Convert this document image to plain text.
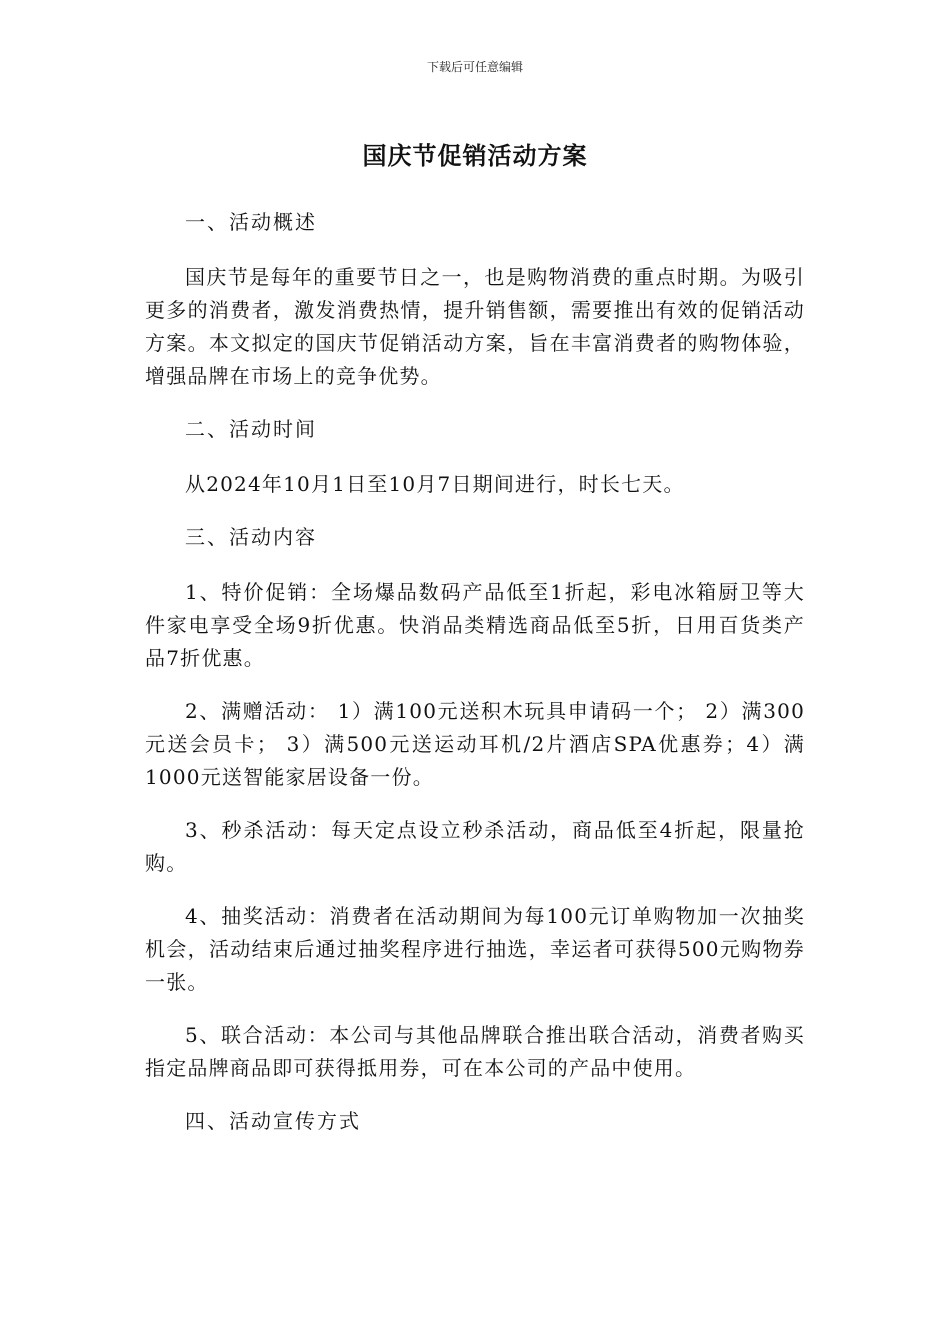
下载后可任意编辑
国庆节促销活动方案

一、活动概述

国庆节是每年的重要节日之一，也是购物消费的重点时期。为吸引更多的消费者，激发消费热情，提升销售额，需要推出有效的促销活动方案。本文拟定的国庆节促销活动方案，旨在丰富消费者的购物体验，增强品牌在市场上的竞争优势。

二、活动时间

从2024年10月1日至10月7日期间进行，时长七天。

三、活动内容

1、特价促销：全场爆品数码产品低至1折起，彩电冰箱厨卫等大件家电享受全场9折优惠。快消品类精选商品低至5折，日用百货类产品7折优惠。

2、满赠活动： 1）满100元送积木玩具申请码一个； 2）满300元送会员卡； 3）满500元送运动耳机/2片酒店SPA优惠券；4）满1000元送智能家居设备一份。

3、秒杀活动：每天定点设立秒杀活动，商品低至4折起，限量抢购。

4、抽奖活动：消费者在活动期间为每100元订单购物加一次抽奖机会，活动结束后通过抽奖程序进行抽选，幸运者可获得500元购物券一张。

5、联合活动：本公司与其他品牌联合推出联合活动，消费者购买指定品牌商品即可获得抵用券，可在本公司的产品中使用。

四、活动宣传方式
